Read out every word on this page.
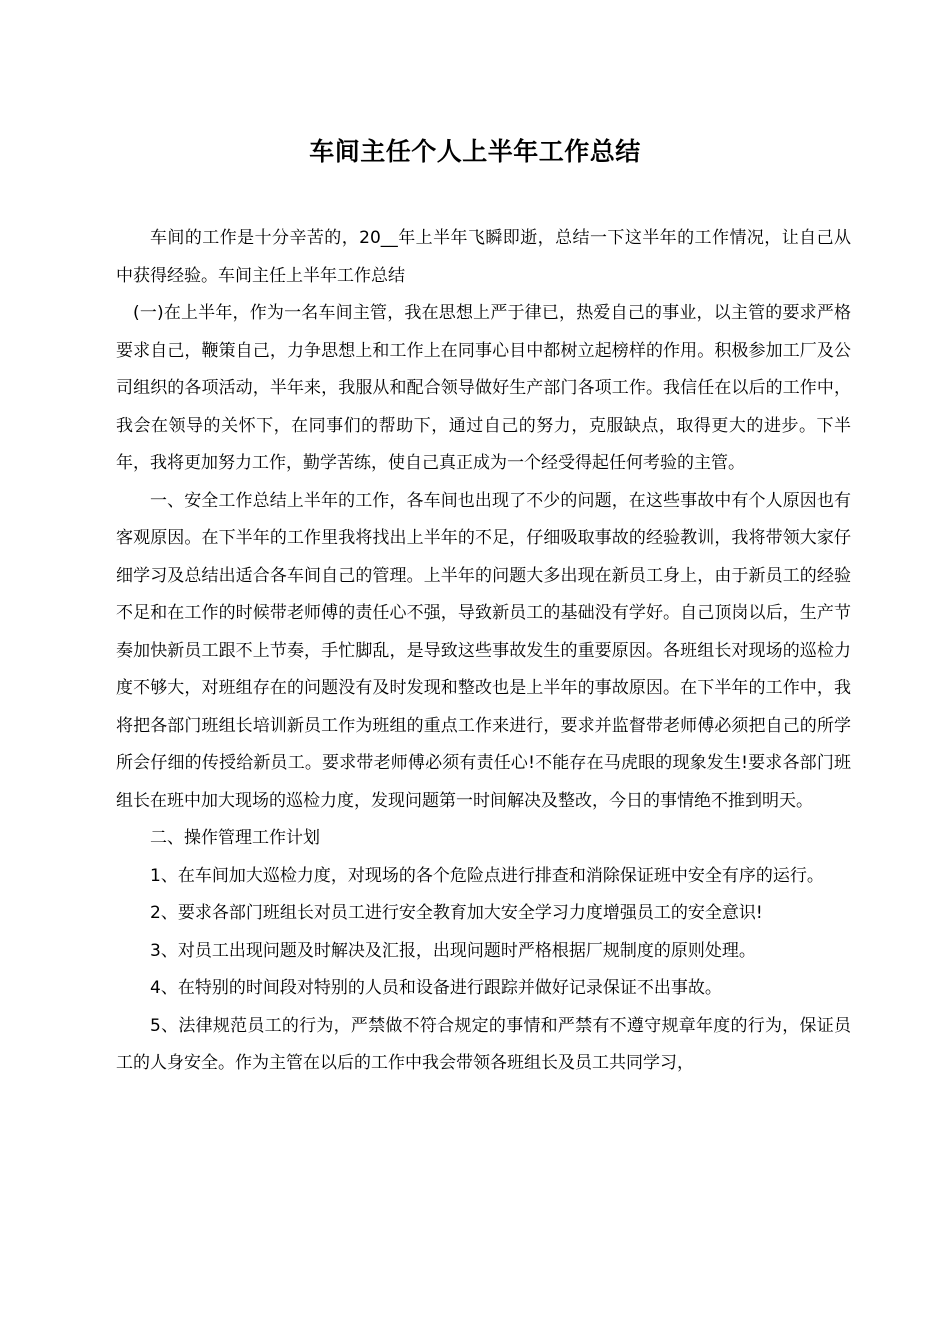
车间主任个人上半年工作总结

车间的工作是十分辛苦的，20__年上半年飞瞬即逝，总结一下这半年的工作情况，让自己从中获得经验。车间主任上半年工作总结

(一)在上半年，作为一名车间主管，我在思想上严于律已，热爱自己的事业，以主管的要求严格要求自己，鞭策自己，力争思想上和工作上在同事心目中都树立起榜样的作用。积极参加工厂及公司组织的各项活动，半年来，我服从和配合领导做好生产部门各项工作。我信任在以后的工作中，我会在领导的关怀下，在同事们的帮助下，通过自己的努力，克服缺点，取得更大的进步。下半年，我将更加努力工作，勤学苦练，使自己真正成为一个经受得起任何考验的主管。

一、安全工作总结上半年的工作，各车间也出现了不少的问题，在这些事故中有个人原因也有客观原因。在下半年的工作里我将找出上半年的不足，仔细吸取事故的经验教训，我将带领大家仔细学习及总结出适合各车间自己的管理。上半年的问题大多出现在新员工身上，由于新员工的经验不足和在工作的时候带老师傅的责任心不强，导致新员工的基础没有学好。自己顶岗以后，生产节奏加快新员工跟不上节奏，手忙脚乱，是导致这些事故发生的重要原因。各班组长对现场的巡检力度不够大，对班组存在的问题没有及时发现和整改也是上半年的事故原因。在下半年的工作中，我将把各部门班组长培训新员工作为班组的重点工作来进行，要求并监督带老师傅必须把自己的所学所会仔细的传授给新员工。要求带老师傅必须有责任心!不能存在马虎眼的现象发生!要求各部门班组长在班中加大现场的巡检力度，发现问题第一时间解决及整改，今日的事情绝不推到明天。

二、操作管理工作计划

1、在车间加大巡检力度，对现场的各个危险点进行排查和消除保证班中安全有序的运行。

2、要求各部门班组长对员工进行安全教育加大安全学习力度增强员工的安全意识!

3、对员工出现问题及时解决及汇报，出现问题时严格根据厂规制度的原则处理。

4、在特别的时间段对特别的人员和设备进行跟踪并做好记录保证不出事故。

5、法律规范员工的行为，严禁做不符合规定的事情和严禁有不遵守规章年度的行为，保证员工的人身安全。作为主管在以后的工作中我会带领各班组长及员工共同学习，
